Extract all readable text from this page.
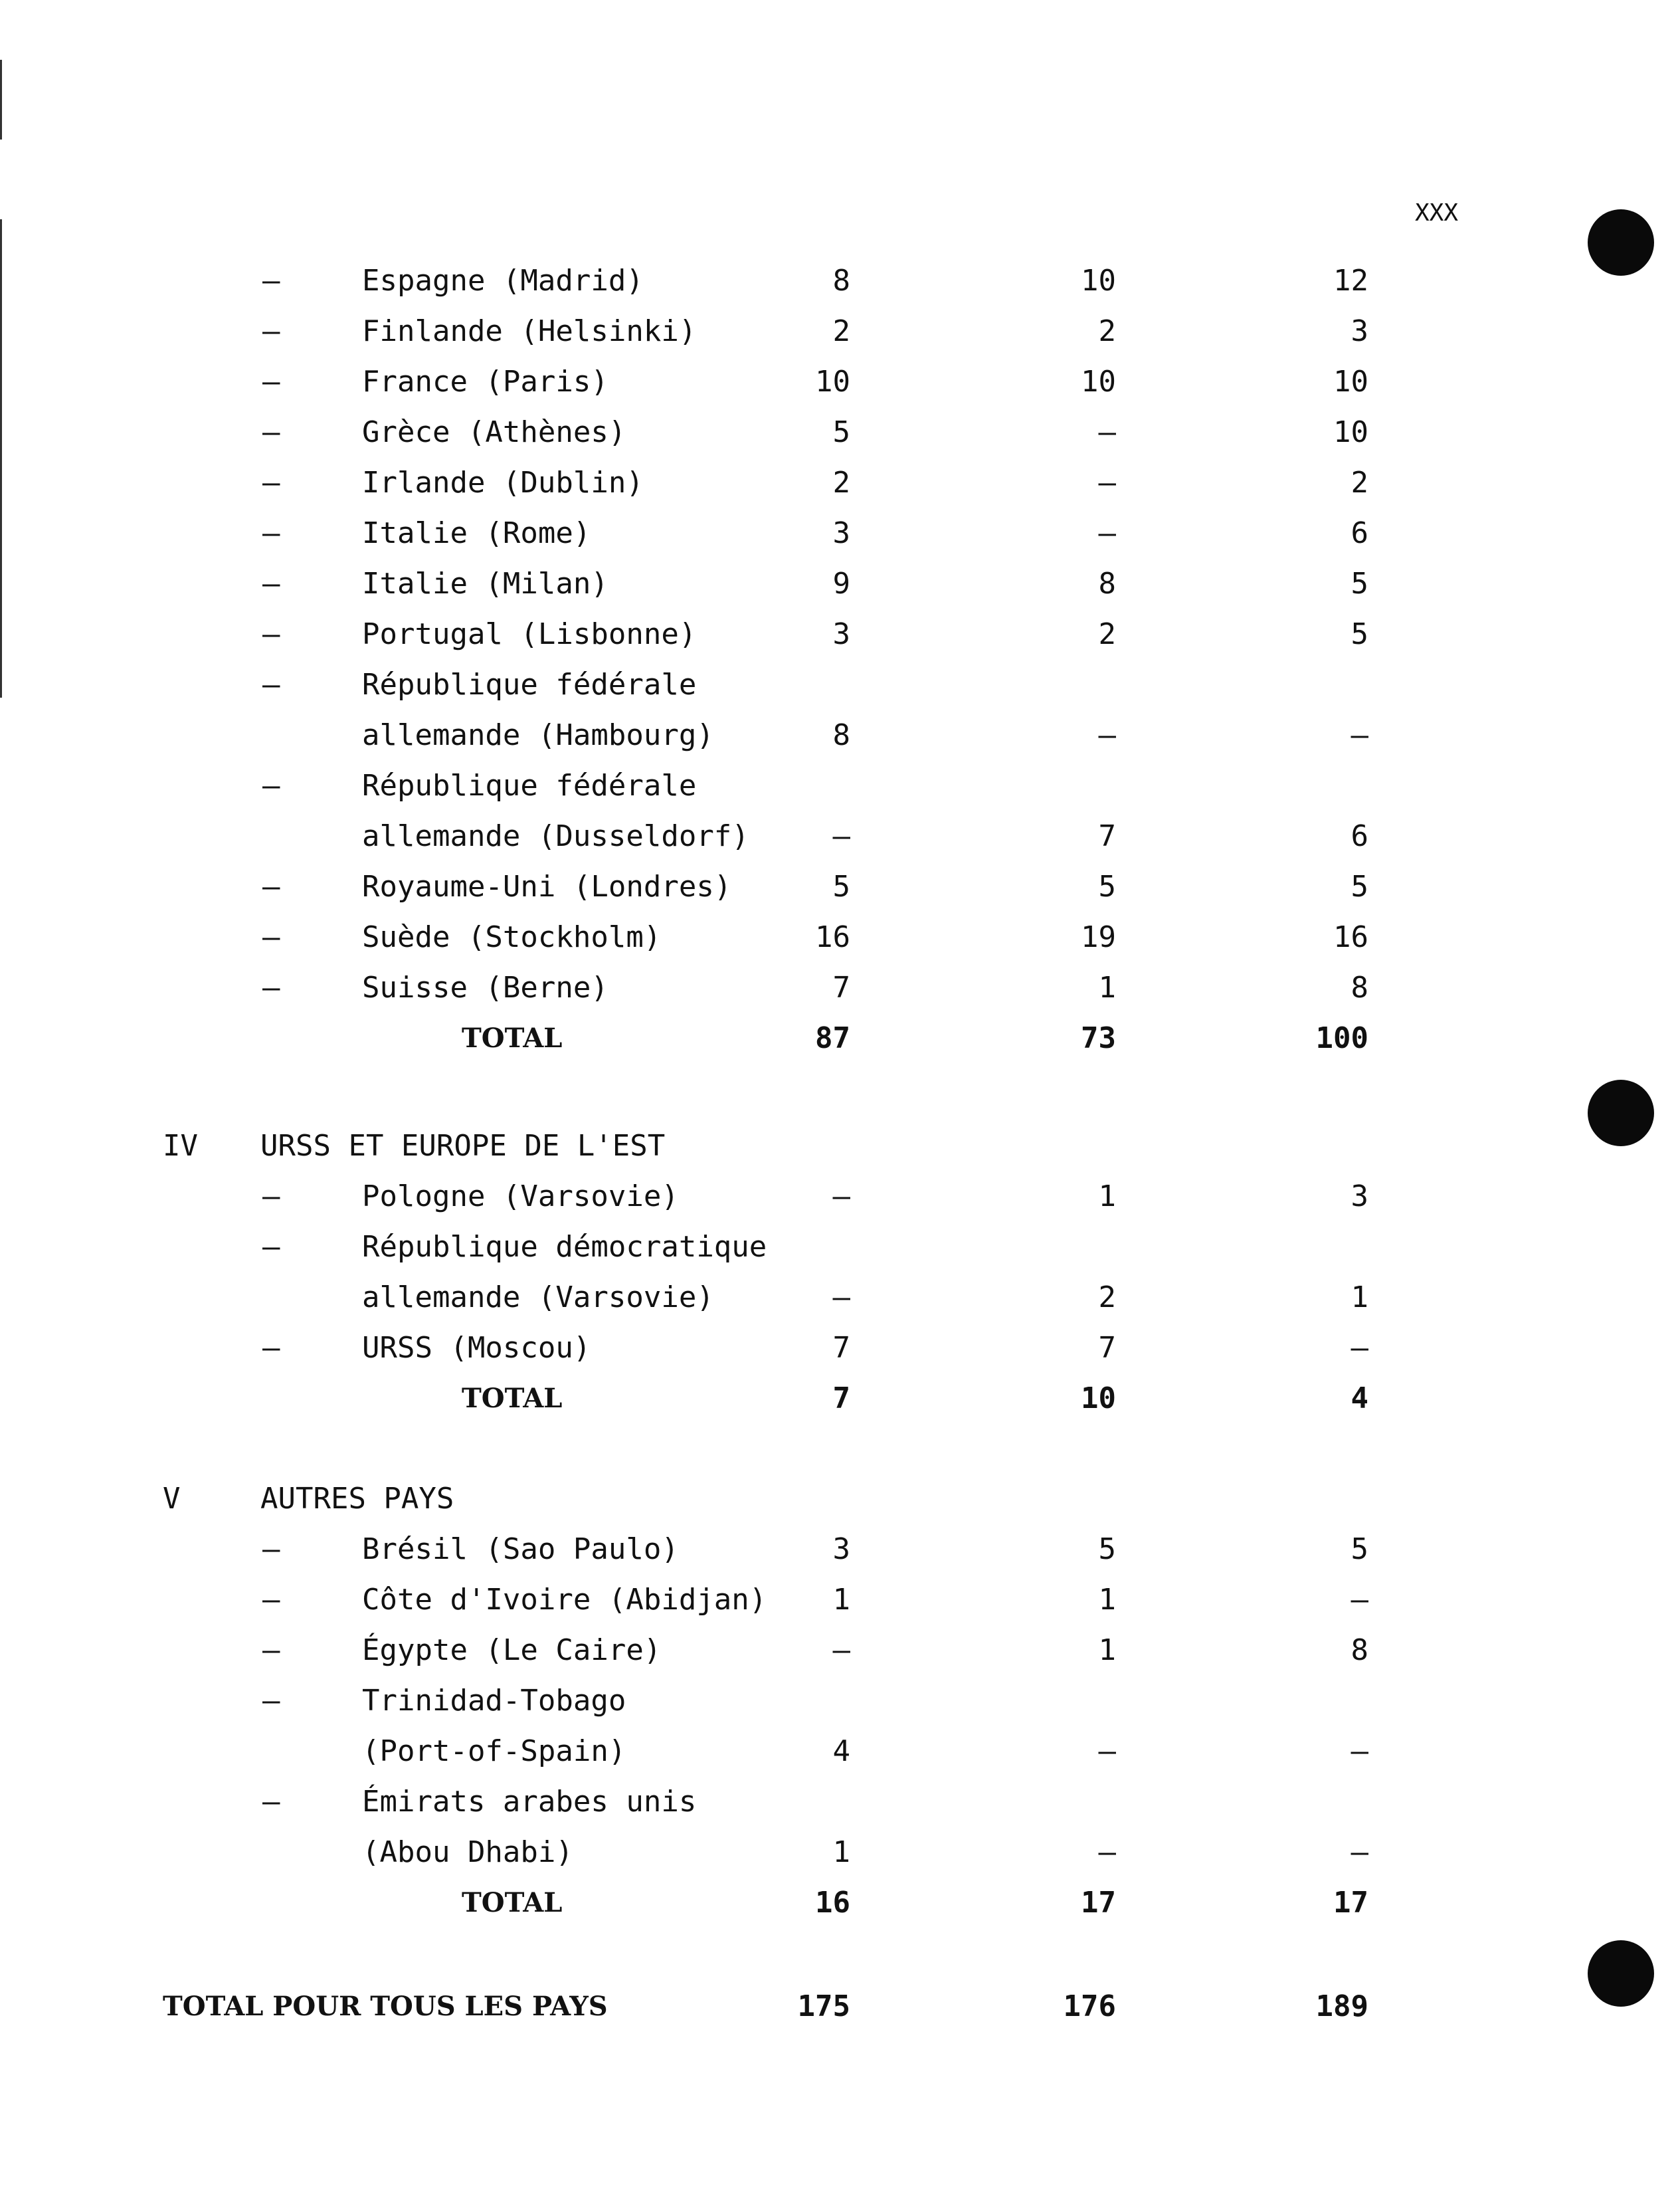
XXX
–	Espagne (Madrid)	8	10	12
–	Finlande (Helsinki)	2	2	3
–	France (Paris)	10	10	10
–	Grèce (Athènes)	5	—	10
–	Irlande (Dublin)	2	—	2
–	Italie (Rome)	3	—	6
–	Italie (Milan)	9	8	5
–	Portugal (Lisbonne)	3	2	5
–	République fédérale
allemande (Hambourg)	8	—	—
–	République fédérale
allemande (Dusseldorf)	—	7	6
–	Royaume-Uni (Londres)	5	5	5
–	Suède (Stockholm)	16	19	16
–	Suisse (Berne)	7	1	8
TOTAL	87	73	100
IV URSS ET EUROPE DE L'EST
–	Pologne (Varsovie)	—	1	3
–	République démocratique
allemande (Varsovie)	—	2	1
–	URSS (Moscou)	7	7	—
TOTAL	7	10	4
V	AUTRES PAYS
–	Brésil (Sao Paulo)	3	5	5
–	Côte d'Ivoire (Abidjan)	1	1	—
–	Égypte (Le Caire)	—	1	8
–	Trinidad-Tobago
(Port-of-Spain)	4	—	—
–	Émirats arabes unis
(Abou Dhabi)	1	—	—
TOTAL	16	17	17
TOTAL POUR TOUS LES PAYS	175	176	189
